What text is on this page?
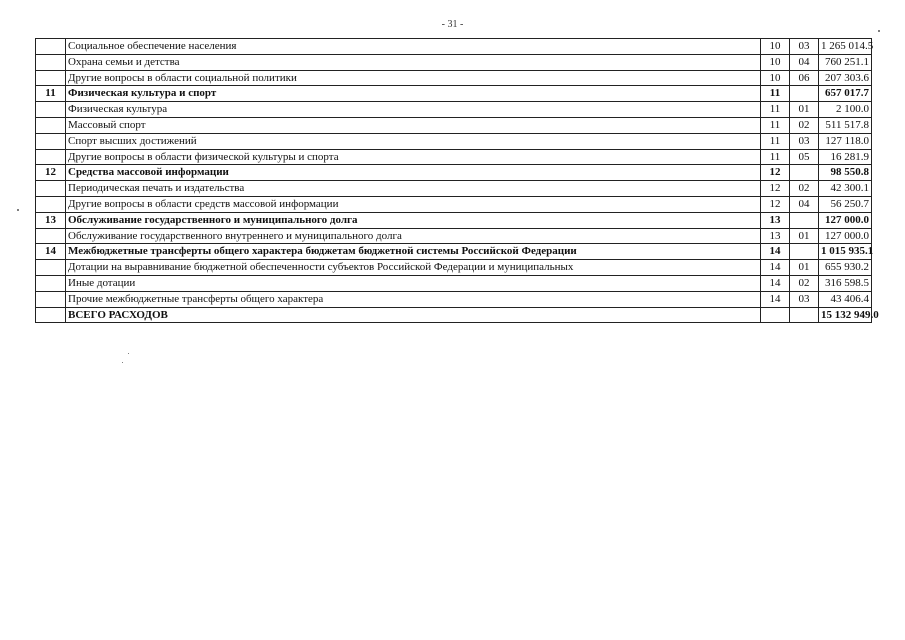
- 31 -
	Социальное обеспечение населения	10	03	1 265 014.5
	Охрана семьи и детства	10	04	760 251.1
	Другие вопросы в области социальной политики	10	06	207 303.6
11	Физическая культура и спорт	11		657 017.7
	Физическая культура	11	01	2 100.0
	Массовый спорт	11	02	511 517.8
	Спорт высших достижений	11	03	127 118.0
	Другие вопросы в области физической культуры и спорта	11	05	16 281.9
12	Средства массовой информации	12		98 550.8
	Периодическая печать и издательства	12	02	42 300.1
	Другие вопросы в области средств массовой информации	12	04	56 250.7
13	Обслуживание государственного и муниципального долга	13		127 000.0
	Обслуживание государственного внутреннего и муниципального долга	13	01	127 000.0
14	Межбюджетные трансферты общего характера бюджетам бюджетной системы Российской Федерации	14		1 015 935.1
	Дотации на выравнивание бюджетной обеспеченности субъектов Российской Федерации и муниципальных	14	01	655 930.2
	Иные дотации	14	02	316 598.5
	Прочие межбюджетные трансферты общего характера	14	03	43 406.4
	ВСЕГО РАСХОДОВ			15 132 949.0
